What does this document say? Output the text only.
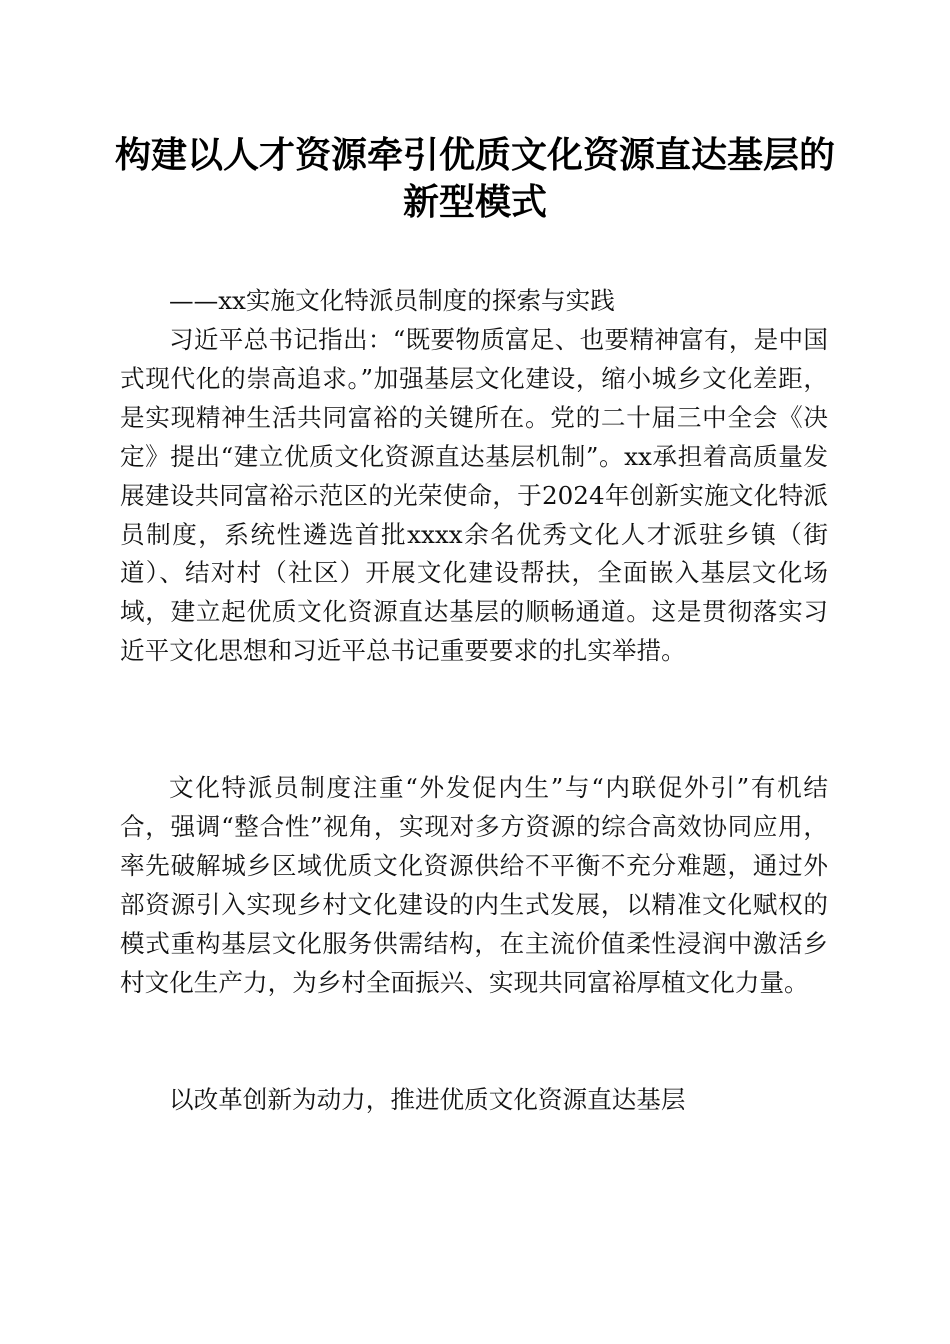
构建以人才资源牵引优质文化资源直达基层的新型模式

——xx实施文化特派员制度的探索与实践

习近平总书记指出：“既要物质富足、也要精神富有，是中国式现代化的崇高追求。”加强基层文化建设，缩小城乡文化差距，是实现精神生活共同富裕的关键所在。党的二十届三中全会《决定》提出“建立优质文化资源直达基层机制”。xx承担着高质量发展建设共同富裕示范区的光荣使命，于2024年创新实施文化特派员制度，系统性遴选首批xxxx余名优秀文化人才派驻乡镇（街道）、结对村（社区）开展文化建设帮扶，全面嵌入基层文化场域，建立起优质文化资源直达基层的顺畅通道。这是贯彻落实习近平文化思想和习近平总书记重要要求的扎实举措。

文化特派员制度注重“外发促内生”与“内联促外引”有机结合，强调“整合性”视角，实现对多方资源的综合高效协同应用，率先破解城乡区域优质文化资源供给不平衡不充分难题，通过外部资源引入实现乡村文化建设的内生式发展，以精准文化赋权的模式重构基层文化服务供需结构，在主流价值柔性浸润中激活乡村文化生产力，为乡村全面振兴、实现共同富裕厚植文化力量。

以改革创新为动力，推进优质文化资源直达基层
